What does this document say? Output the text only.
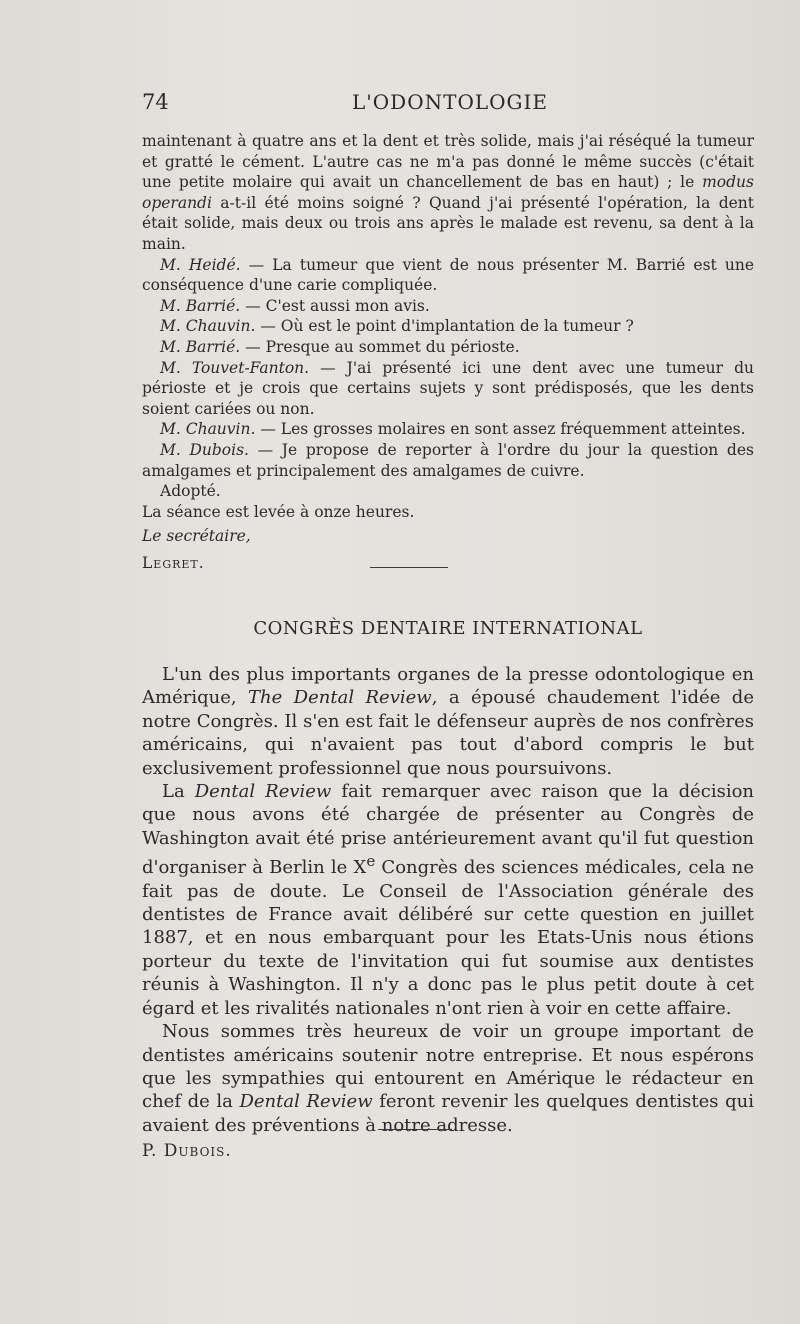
74	L'ODONTOLOGIE

maintenant à quatre ans et la dent et très solide, mais j'ai réséqué la tumeur et gratté le cément. L'autre cas ne m'a pas donné le même succès (c'était une petite molaire qui avait un chancellement de bas en haut) ; le modus operandi a-t-il été moins soigné ? Quand j'ai présenté l'opération, la dent était solide, mais deux ou trois ans après le malade est revenu, sa dent à la main.

M. Heidé. — La tumeur que vient de nous présenter M. Barrié est une conséquence d'une carie compliquée.

M. Barrié. — C'est aussi mon avis.

M. Chauvin. — Où est le point d'implantation de la tumeur ?

M. Barrié. — Presque au sommet du périoste.

M. Touvet-Fanton. — J'ai présenté ici une dent avec une tumeur du périoste et je crois que certains sujets y sont prédisposés, que les dents soient cariées ou non.

M. Chauvin. — Les grosses molaires en sont assez fréquemment atteintes.

M. Dubois. — Je propose de reporter à l'ordre du jour la question des amalgames et principalement des amalgames de cuivre.

Adopté.

La séance est levée à onze heures.

Le secrétaire,

Legret.

CONGRÈS DENTAIRE INTERNATIONAL

L'un des plus importants organes de la presse odontologique en Amérique, The Dental Review, a épousé chaudement l'idée de notre Congrès. Il s'en est fait le défenseur auprès de nos confrères américains, qui n'avaient pas tout d'abord compris le but exclusivement professionnel que nous poursuivons.

La Dental Review fait remarquer avec raison que la décision que nous avons été chargée de présenter au Congrès de Washington avait été prise antérieurement avant qu'il fut question d'organiser à Berlin le Xe Congrès des sciences médicales, cela ne fait pas de doute. Le Conseil de l'Association générale des dentistes de France avait délibéré sur cette question en juillet 1887, et en nous embarquant pour les Etats-Unis nous étions porteur du texte de l'invitation qui fut soumise aux dentistes réunis à Washington. Il n'y a donc pas le plus petit doute à cet égard et les rivalités nationales n'ont rien à voir en cette affaire.

Nous sommes très heureux de voir un groupe important de dentistes américains soutenir notre entreprise. Et nous espérons que les sympathies qui entourent en Amérique le rédacteur en chef de la Dental Review feront revenir les quelques dentistes qui avaient des préventions à notre adresse.

P. Dubois.
